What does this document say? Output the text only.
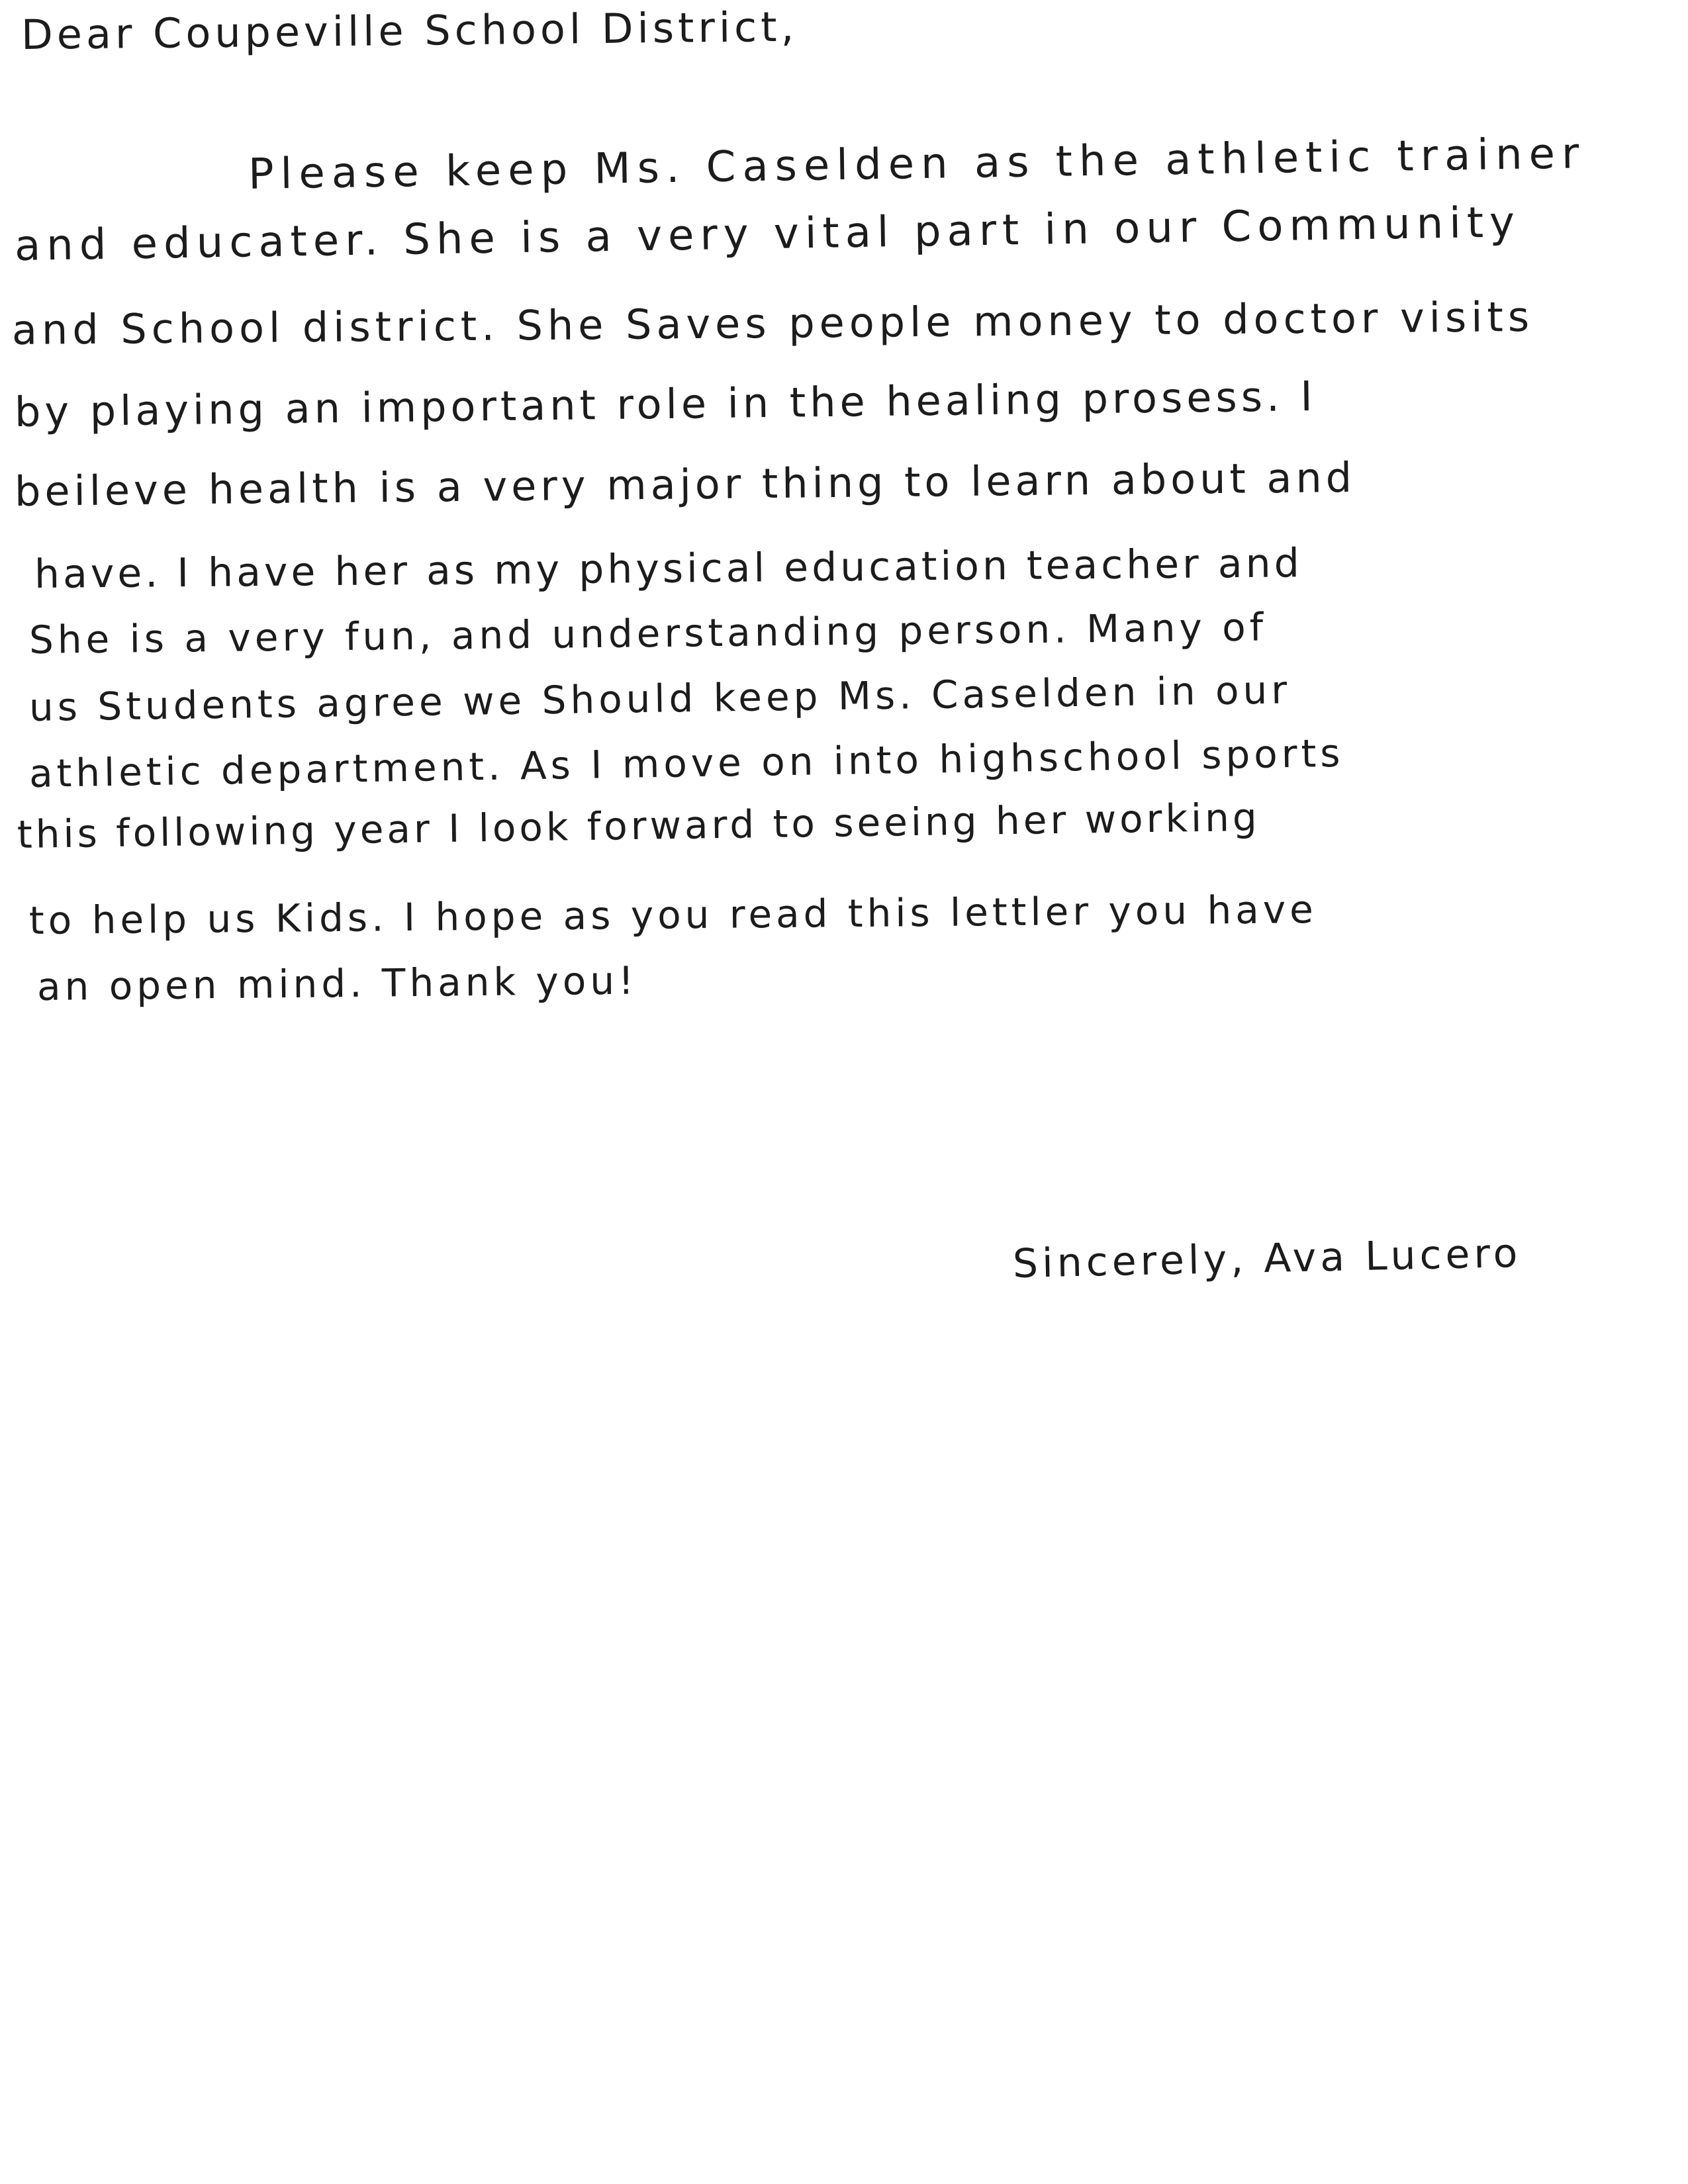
Dear Coupeville School District,
Please keep Ms. Caselden as the athletic trainer
and educater. She is a very vital part in our Community
and School district. She Saves people money to doctor visits
by playing an important role in the healing prosess. I
beileve health is a very major thing to learn about and
have. I have her as my physical education teacher and
She is a very fun, and understanding person. Many of
us Students agree we Should keep Ms. Caselden in our
athletic department. As I move on into highschool sports
this following year I look forward to seeing her working
to help us Kids. I hope as you read this lettler you have
an open mind. Thank you!
Sincerely, Ava Lucero
